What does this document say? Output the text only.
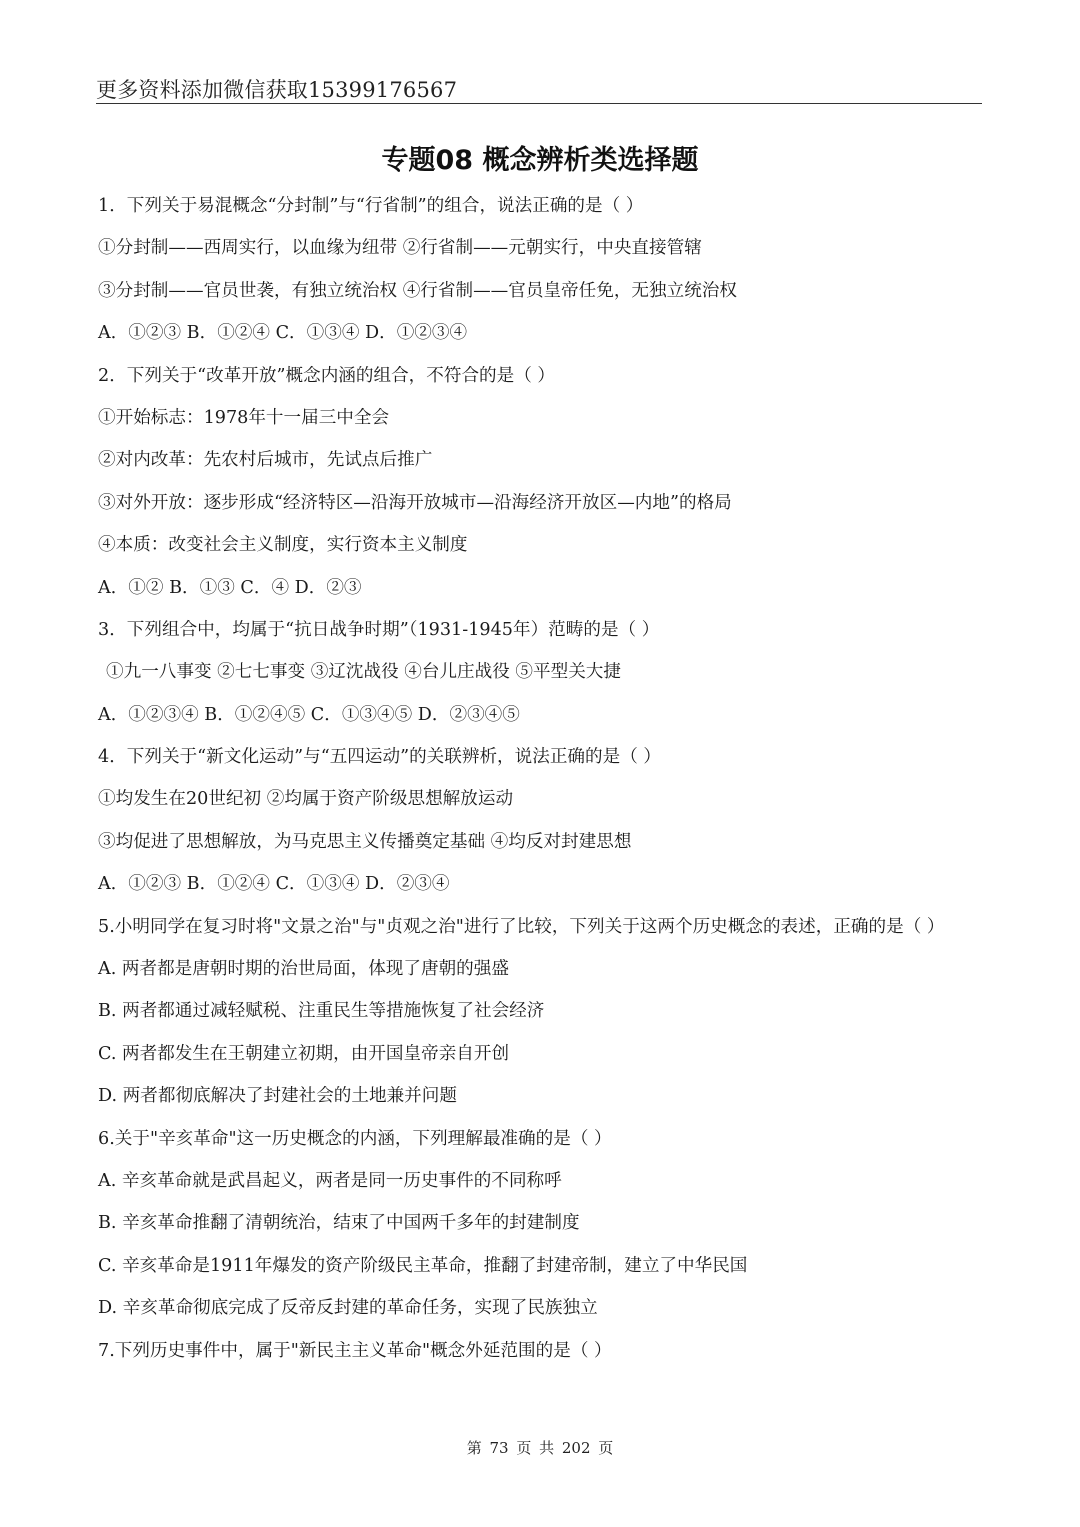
更多资料添加微信获取15399176567
专题08 概念辨析类选择题
1．下列关于易混概念“分封制”与“行省制”的组合，说法正确的是（ ）
①分封制——西周实行，以血缘为纽带 ②行省制——元朝实行，中央直接管辖
③分封制——官员世袭，有独立统治权 ④行省制——官员皇帝任免，无独立统治权
A．①②③ B．①②④ C．①③④ D．①②③④
2．下列关于“改革开放”概念内涵的组合，不符合的是（ ）
①开始标志：1978年十一届三中全会
②对内改革：先农村后城市，先试点后推广
③对外开放：逐步形成“经济特区—沿海开放城市—沿海经济开放区—内地”的格局
④本质：改变社会主义制度，实行资本主义制度
A．①② B．①③ C．④ D．②③
3．下列组合中，均属于“抗日战争时期”（1931-1945年）范畴的是（ ）
①九一八事变 ②七七事变 ③辽沈战役 ④台儿庄战役 ⑤平型关大捷
A．①②③④ B．①②④⑤ C．①③④⑤ D．②③④⑤
4．下列关于“新文化运动”与“五四运动”的关联辨析，说法正确的是（ ）
①均发生在20世纪初 ②均属于资产阶级思想解放运动
③均促进了思想解放，为马克思主义传播奠定基础 ④均反对封建思想
A．①②③ B．①②④ C．①③④ D．②③④
5.小明同学在复习时将"文景之治"与"贞观之治"进行了比较，下列关于这两个历史概念的表述，正确的是（ ）
A. 两者都是唐朝时期的治世局面，体现了唐朝的强盛
B. 两者都通过减轻赋税、注重民生等措施恢复了社会经济
C. 两者都发生在王朝建立初期，由开国皇帝亲自开创
D. 两者都彻底解决了封建社会的土地兼并问题
6.关于"辛亥革命"这一历史概念的内涵，下列理解最准确的是（ ）
A. 辛亥革命就是武昌起义，两者是同一历史事件的不同称呼
B. 辛亥革命推翻了清朝统治，结束了中国两千多年的封建制度
C. 辛亥革命是1911年爆发的资产阶级民主革命，推翻了封建帝制，建立了中华民国
D. 辛亥革命彻底完成了反帝反封建的革命任务，实现了民族独立
7.下列历史事件中，属于"新民主主义革命"概念外延范围的是（ ）
第 73 页 共 202 页
